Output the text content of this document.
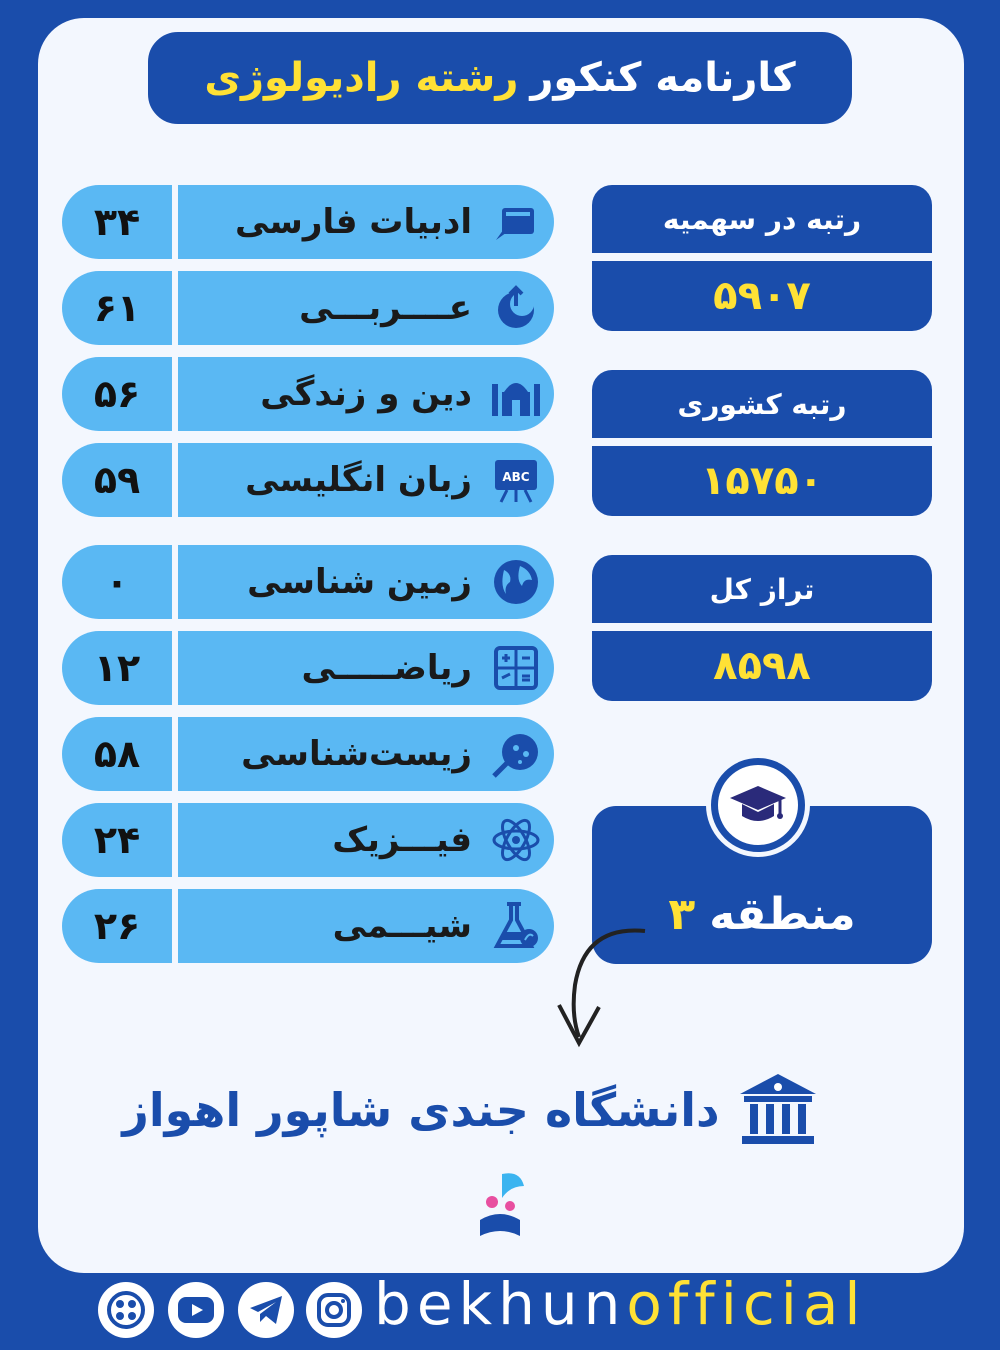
کارنامه کنکور
رشته رادیولوژی
ادبیات فارسی
۳۴
عــــربـــی
۶۱
دین و زندگی
۵۶
ABC
زبان انگلیسی
۵۹
زمین شناسی
۰
ریاضـــــی
۱۲
زیست‌شناسی
۵۸
فیـــزیک
۲۴
شیـــمی
۲۶
رتبه در سهمیه
۵۹۰۷
رتبه کشوری
۱۵۷۵۰
تراز کل
۸۵۹۸
منطقه
۳
دانشگاه جندی شاپور اهواز
bekhunofficial
